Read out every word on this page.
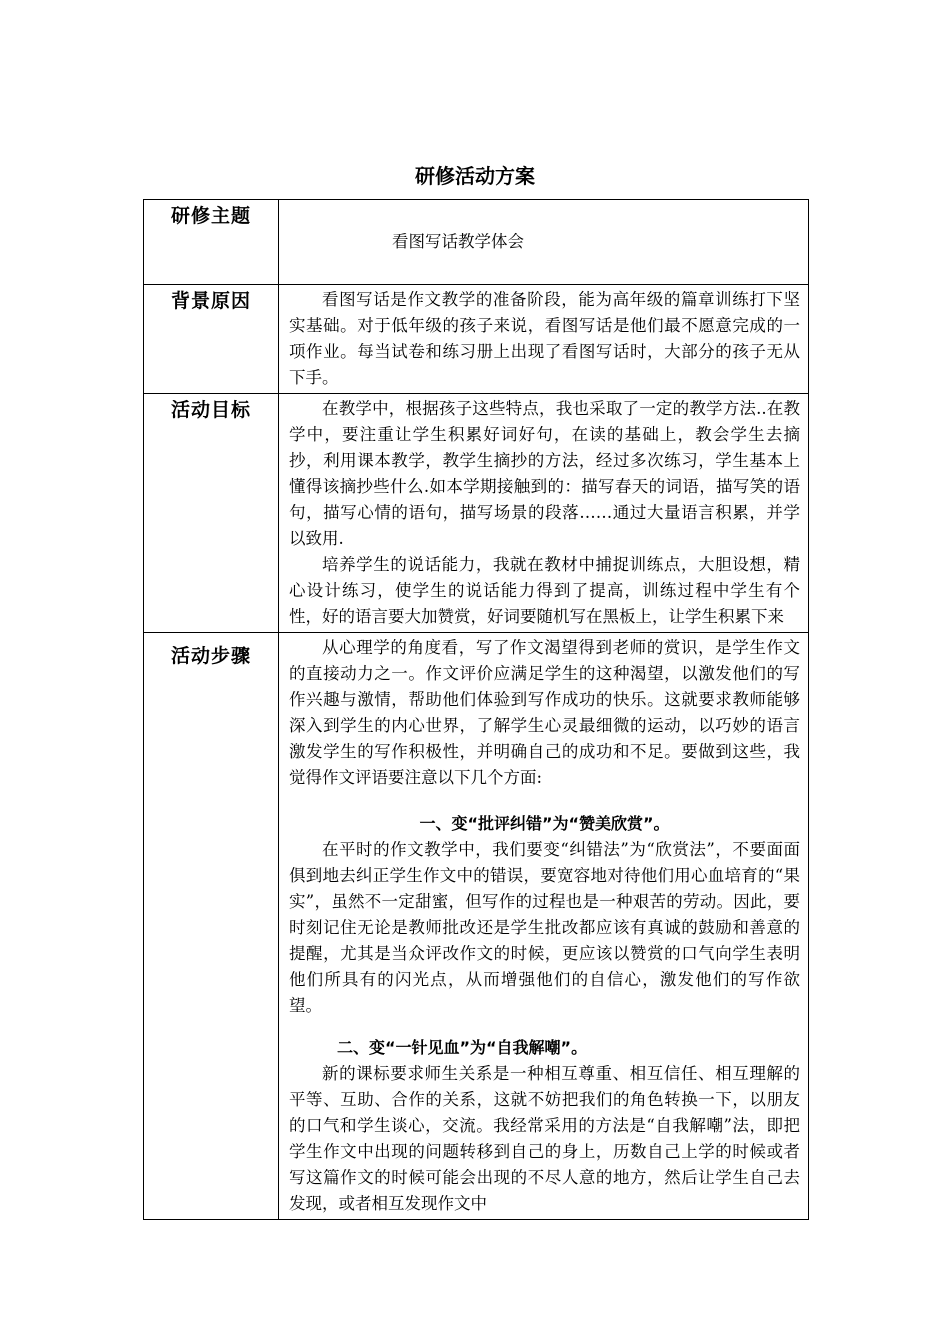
研修活动方案
研修主题	看图写话教学体会
背景原因	看图写话是作文教学的准备阶段，能为高年级的篇章训练打下坚实基础。对于低年级的孩子来说，看图写话是他们最不愿意完成的一项作业。每当试卷和练习册上出现了看图写话时，大部分的孩子无从下手。

活动目标	在教学中，根据孩子这些特点，我也采取了一定的教学方法..在教学中，要注重让学生积累好词好句，在读的基础上，教会学生去摘抄，利用课本教学，教学生摘抄的方法，经过多次练习，学生基本上懂得该摘抄些什么.如本学期接触到的：描写春天的词语，描写笑的语句，描写心情的语句，描写场景的段落……通过大量语言积累，并学以致用.

培养学生的说话能力，我就在教材中捕捉训练点，大胆设想，精心设计练习，使学生的说话能力得到了提高，训练过程中学生有个性，好的语言要大加赞赏，好词要随机写在黑板上，让学生积累下来

活动步骤	从心理学的角度看，写了作文渴望得到老师的赏识，是学生作文的直接动力之一。作文评价应满足学生的这种渴望，以激发他们的写作兴趣与激情，帮助他们体验到写作成功的快乐。这就要求教师能够深入到学生的内心世界，了解学生心灵最细微的运动，以巧妙的语言激发学生的写作积极性，并明确自己的成功和不足。要做到这些，我觉得作文评语要注意以下几个方面:

一、变“批评纠错”为“赞美欣赏”。

在平时的作文教学中，我们要变“纠错法”为“欣赏法”，不要面面俱到地去纠正学生作文中的错误，要宽容地对待他们用心血培育的“果实”，虽然不一定甜蜜，但写作的过程也是一种艰苦的劳动。因此，要时刻记住无论是教师批改还是学生批改都应该有真诚的鼓励和善意的提醒，尤其是当众评改作文的时候，更应该以赞赏的口气向学生表明他们所具有的闪光点，从而增强他们的自信心，激发他们的写作欲望。

二、变“一针见血”为“自我解嘲”。

新的课标要求师生关系是一种相互尊重、相互信任、相互理解的平等、互助、合作的关系，这就不妨把我们的角色转换一下，以朋友的口气和学生谈心，交流。我经常采用的方法是“自我解嘲”法，即把学生作文中出现的问题转移到自己的身上，历数自己上学的时候或者写这篇作文的时候可能会出现的不尽人意的地方，然后让学生自己去发现，或者相互发现作文中
